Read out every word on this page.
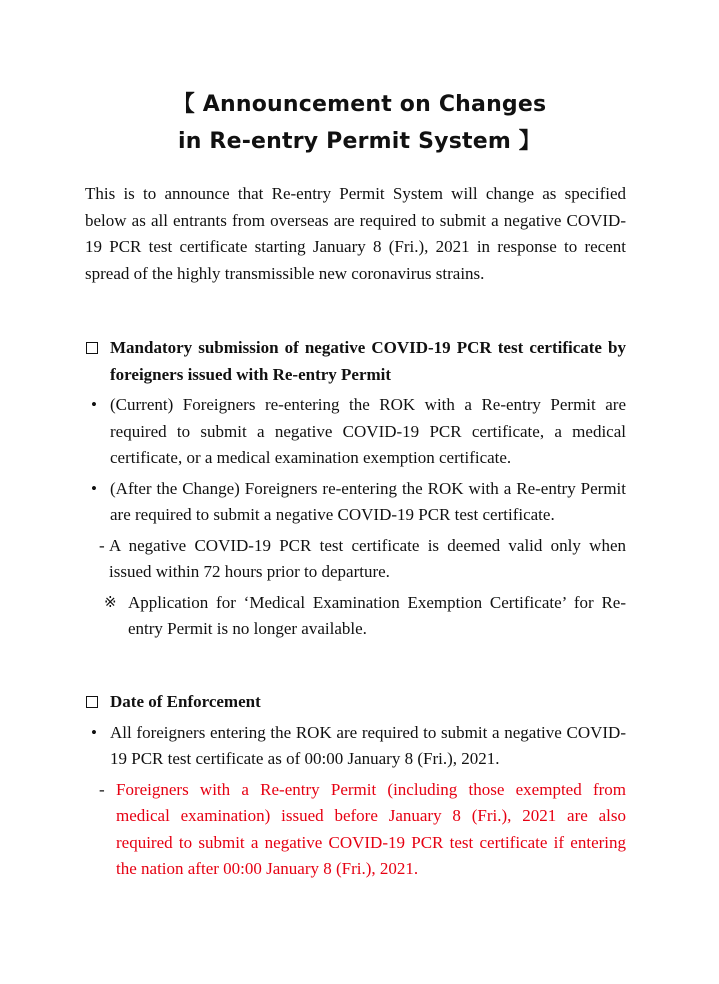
【 Announcement on Changes
in Re-entry Permit System 】
This is to announce that Re-entry Permit System will change as specified below as all entrants from overseas are required to submit a negative COVID-19 PCR test certificate starting January 8 (Fri.), 2021 in response to recent spread of the highly transmissible new coronavirus strains.
Mandatory submission of negative COVID-19 PCR test certificate by foreigners issued with Re-entry Permit
• (Current) Foreigners re-entering the ROK with a Re-entry Permit are required to submit a negative COVID-19 PCR certificate, a medical certificate, or a medical examination exemption certificate.
• (After the Change) Foreigners re-entering the ROK with a Re-entry Permit are required to submit a negative COVID-19 PCR test certificate.
- A negative COVID-19 PCR test certificate is deemed valid only when issued within 72 hours prior to departure.
※ Application for ‘Medical Examination Exemption Certificate’ for Re-entry Permit is no longer available.
Date of Enforcement
• All foreigners entering the ROK are required to submit a negative COVID-19 PCR test certificate as of 00:00 January 8 (Fri.), 2021.
- Foreigners with a Re-entry Permit (including those exempted from medical examination) issued before January 8 (Fri.), 2021 are also required to submit a negative COVID-19 PCR test certificate if entering the nation after 00:00 January 8 (Fri.), 2021.
